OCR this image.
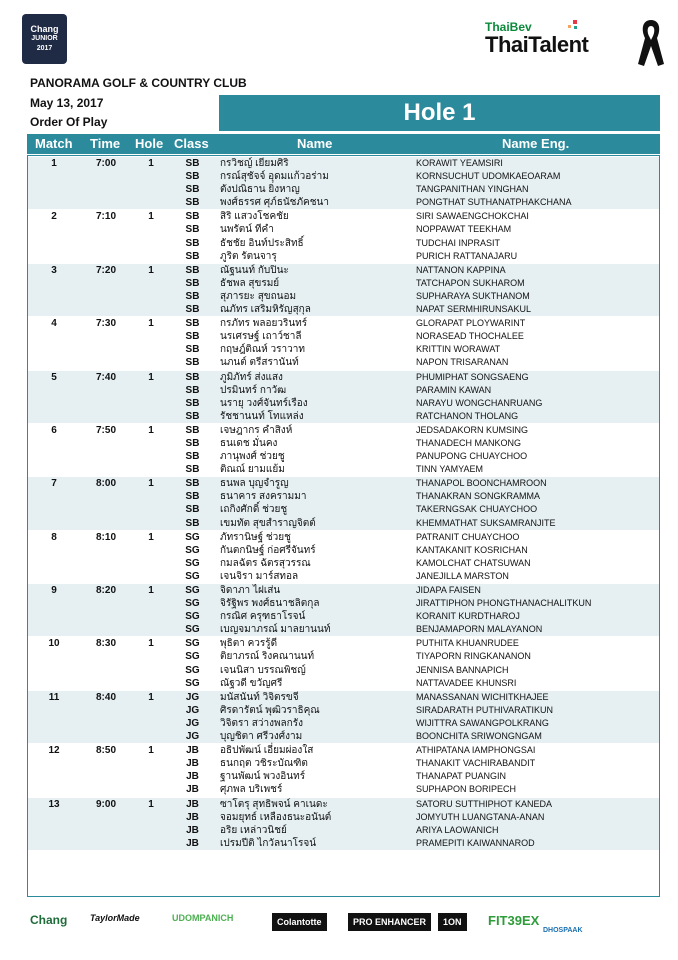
Chang
JUNIOR
2017
ThaiBev
ThaiTalent
PANORAMA GOLF & COUNTRY CLUB
May 13, 2017
Order Of Play	Hole 1
Match Time Hole Class	Name	Name Eng.
1	7:00	1	SB	กรวิชญ์ เยียมศิริ	KORAWIT YEAMSIRI
SB	กรณ์สุชัจจ์ อุดมแก้วอร่าม	KORNSUCHUT UDOMKAEOARAM
SB	ตังปณิธาน ยิ่งหาญ	TANGPANITHAN YINGHAN
SB	พงศ์ธรรศ ศุภ์ธนัชภัคชนา	PONGTHAT SUTHANATPHAKCHANA
2	7:10	1	SB	สิริ แสวงโชคชัย	SIRI SAWAENGCHOKCHAI
SB	นพรัตน์ ทีคำ	NOPPAWAT TEEKHAM
SB	ธัชชัย อินท์ประสิทธิ์	TUDCHAI INPRASIT
SB	ภูริต รัตนจารุ	PURICH RATTANAJARU
3	7:20	1	SB	ณัฐนนท์ กับปินะ	NATTANON KAPPINA
SB	ธัชพล สุขรมย์	TATCHAPON SUKHAROM
SB	สุภารยะ สุขถนอม	SUPHARAYA SUKTHANOM
SB	ณภัทร เสริมหิรัญสุกุล	NAPAT SERMHIRUNSAKUL
4	7:30	1	SB	กรภัทร พลอยวรินทร์	GLORAPAT PLOYWARINT
SB	นรเศรษฐ์ เถาว์ชาลี	NORASEAD THOCHALEE
SB	กฤษฎ์ติณห์ วราวาท	KRITTIN WORAWAT
SB	นภนต์ ตรีสรานันท์	NAPON TRISARANAN
5	7:40	1	SB	ภูมิภัทร์ ส่งแสง	PHUMIPHAT SONGSAENG
SB	ปรมินทร์ กาวัฒ	PARAMIN KAWAN
SB	นรายุ วงศ์จันทร์เรือง	NARAYU WONGCHANRUANG
SB	รัชชานนท์ โทแหล่ง	RATCHANON THOLANG
6	7:50	1	SB	เจษฎากร คำสิงห์	JEDSADAKORN KUMSING
SB	ธนเดช มั่นคง	THANADECH MANKONG
SB	ภานุพงศ์ ช่วยชู	PANUPONG CHUAYCHOO
SB	ติณณ์ ยามแย้ม	TINN YAMYAEM
7	8:00	1	SB	ธนพล บุญจำรูญ	THANAPOL BOONCHAMROON
SB	ธนาคาร สงครามมา	THANAKRAN SONGKRAMMA
SB	เถกิงศักดิ์ ช่วยชู	TAKERNGSAK CHUAYCHOO
SB	เขมทัต สุขสำราญจิตต์	KHEMMATHAT SUKSAMRANJITE
8	8:10	1	SG	ภัทรานิษฐ์ ช่วยชู	PATRANIT CHUAYCHOO
SG	กันตกนิษฐ์ ก่อศรีจันทร์	KANTAKANIT KOSRICHAN
SG	กมลฉัตร ฉัตรสุวรรณ	KAMOLCHAT CHATSUWAN
SG	เจนจิรา มาร์สทอล	JANEJILLA MARSTON
9	8:20	1	SG	จิดาภา ไฝเส่น	JIDAPA FAISEN
SG	จิรัฐิพร พงศ์ธนาชลิตกุล	JIRATTIPHON PHONGTHANACHALITKUN
SG	กรณิศ ครุฑธาโรจน์	KORANIT KURDTHAROJ
SG	เบญจมาภรณ์ มาลยานนท์	BENJAMAPORN MALAYANON
10	8:30	1	SG	พุธิตา ควรรู้ดี	PUTHITA KHUANRUDEE
SG	ติยาภรณ์ ริงคณานนท์	TIYAPORN RINGKANANON
SG	เจนนิสา บรรณพิชญ์	JENNISA BANNAPICH
SG	ณัฐวดี ขวัญศรี	NATTAVADEE KHUNSRI
11	8:40	1	JG	มนัสนันท์ วิจิตรขจี	MANASSANAN WICHITKHAJEE
JG	ศิรดารัตน์ พุฒิวราธิคุณ	SIRADARATH PUTHIVARATIKUN
JG	วิจิตรา สว่างพลกรัง	WIJITTRA SAWANGPOLKRANG
JG	บุญชิตา ศรีวงศ์งาม	BOONCHITA SRIWONGNGAM
12	8:50	1	JB	อธิปพัฒน์ เอี่ยมผ่องใส	ATHIPATANA IAMPHONGSAI
JB	ธนกฤต วชิระบัณฑิต	THANAKIT VACHIRABANDIT
JB	ฐานพัฒน์ พวงอินทร์	THANAPAT PUANGIN
JB	ศุภพล บริเพชร์	SUPHAPON BORIPECH
13	9:00	1	JB	ซาโตรุ สุทธิพจน์ คาเนดะ	SATORU SUTTHIPHOT KANEDA
JB	จอมยุทธ์ เหลืองธนะอนันต์	JOMYUTH LUANGTANA-ANAN
JB	อริย เหล่าวนิชย์	ARIYA LAOWANICH
JB	เปรมปีติ ไกวัลนาโรจน์	PRAMEPITI KAIWANNAROD
Chang	TaylorMade	UDOMPANICH	Colantotte	PRO ENHANCER	1ON	FIT39EX
DHOSPAAK
